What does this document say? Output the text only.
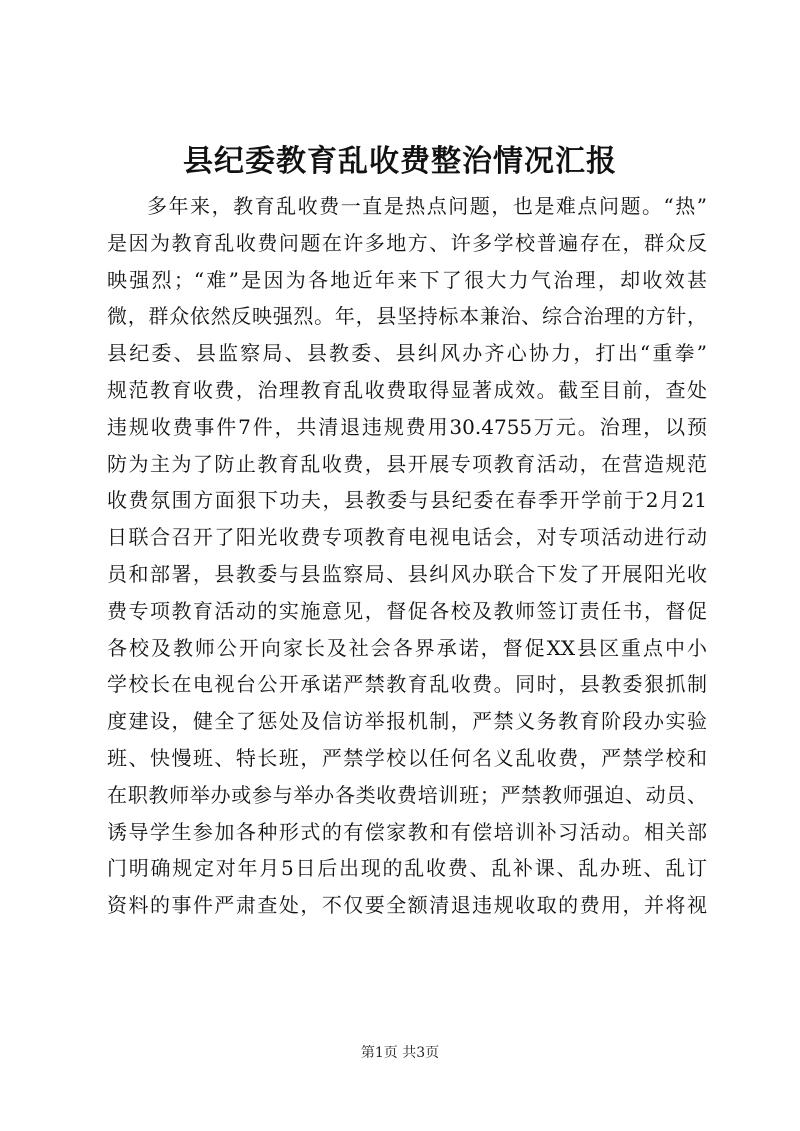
县纪委教育乱收费整治情况汇报
多年来，教育乱收费一直是热点问题，也是难点问题。“热”
是因为教育乱收费问题在许多地方、许多学校普遍存在，群众反
映强烈；“难”是因为各地近年来下了很大力气治理，却收效甚
微，群众依然反映强烈。年，县坚持标本兼治、综合治理的方针，
县纪委、县监察局、县教委、县纠风办齐心协力，打出“重拳”
规范教育收费，治理教育乱收费取得显著成效。截至目前，查处
违规收费事件7件，共清退违规费用30.4755万元。治理，以预
防为主为了防止教育乱收费，县开展专项教育活动，在营造规范
收费氛围方面狠下功夫，县教委与县纪委在春季开学前于2月21
日联合召开了阳光收费专项教育电视电话会，对专项活动进行动
员和部署，县教委与县监察局、县纠风办联合下发了开展阳光收
费专项教育活动的实施意见，督促各校及教师签订责任书，督促
各校及教师公开向家长及社会各界承诺，督促XX县区重点中小
学校长在电视台公开承诺严禁教育乱收费。同时，县教委狠抓制
度建设，健全了惩处及信访举报机制，严禁义务教育阶段办实验
班、快慢班、特长班，严禁学校以任何名义乱收费，严禁学校和
在职教师举办或参与举办各类收费培训班；严禁教师强迫、动员、
诱导学生参加各种形式的有偿家教和有偿培训补习活动。相关部
门明确规定对年月5日后出现的乱收费、乱补课、乱办班、乱订
资料的事件严肃查处，不仅要全额清退违规收取的费用，并将视
第1页 共3页
